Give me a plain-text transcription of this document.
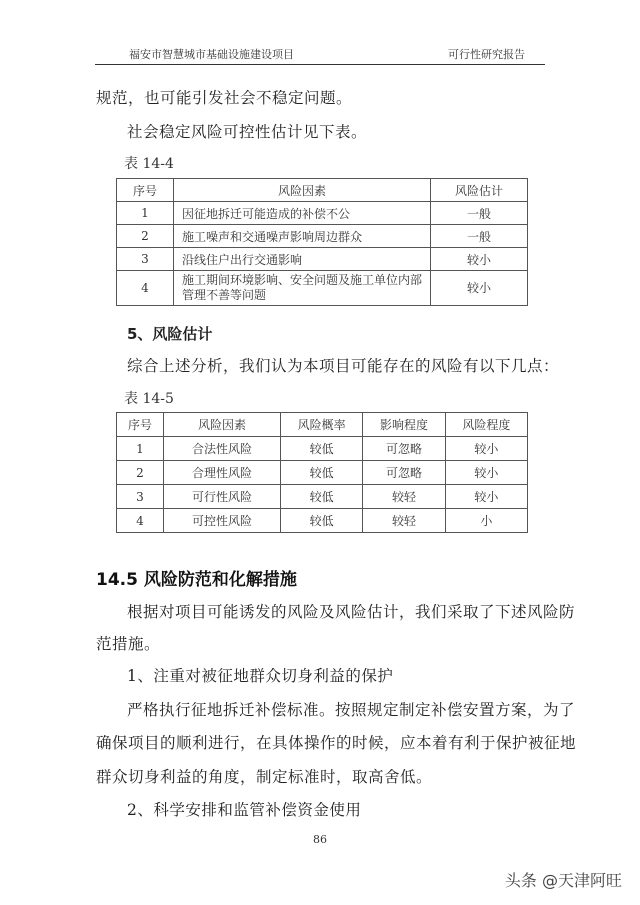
福安市智慧城市基础设施建设项目	可行性研究报告
规范，也可能引发社会不稳定问题。
社会稳定风险可控性估计见下表。
表 14-4
序号	风险因素	风险估计
1	因征地拆迁可能造成的补偿不公	一般
2	施工噪声和交通噪声影响周边群众	一般
3	沿线住户出行交通影响	较小
4	施工期间环境影响、安全问题及施工单位内部管理不善等问题	较小
5、风险估计
综合上述分析，我们认为本项目可能存在的风险有以下几点：
表 14-5
序号	风险因素	风险概率	影响程度	风险程度
1	合法性风险	较低	可忽略	较小
2	合理性风险	较低	可忽略	较小
3	可行性风险	较低	较轻	较小
4	可控性风险	较低	较轻	小
14.5 风险防范和化解措施
根据对项目可能诱发的风险及风险估计，我们采取了下述风险防
范措施。
1、注重对被征地群众切身利益的保护
严格执行征地拆迁补偿标准。按照规定制定补偿安置方案，为了
确保项目的顺利进行，在具体操作的时候，应本着有利于保护被征地
群众切身利益的角度，制定标准时，取高舍低。
2、科学安排和监管补偿资金使用
86
头条 @天津阿旺
